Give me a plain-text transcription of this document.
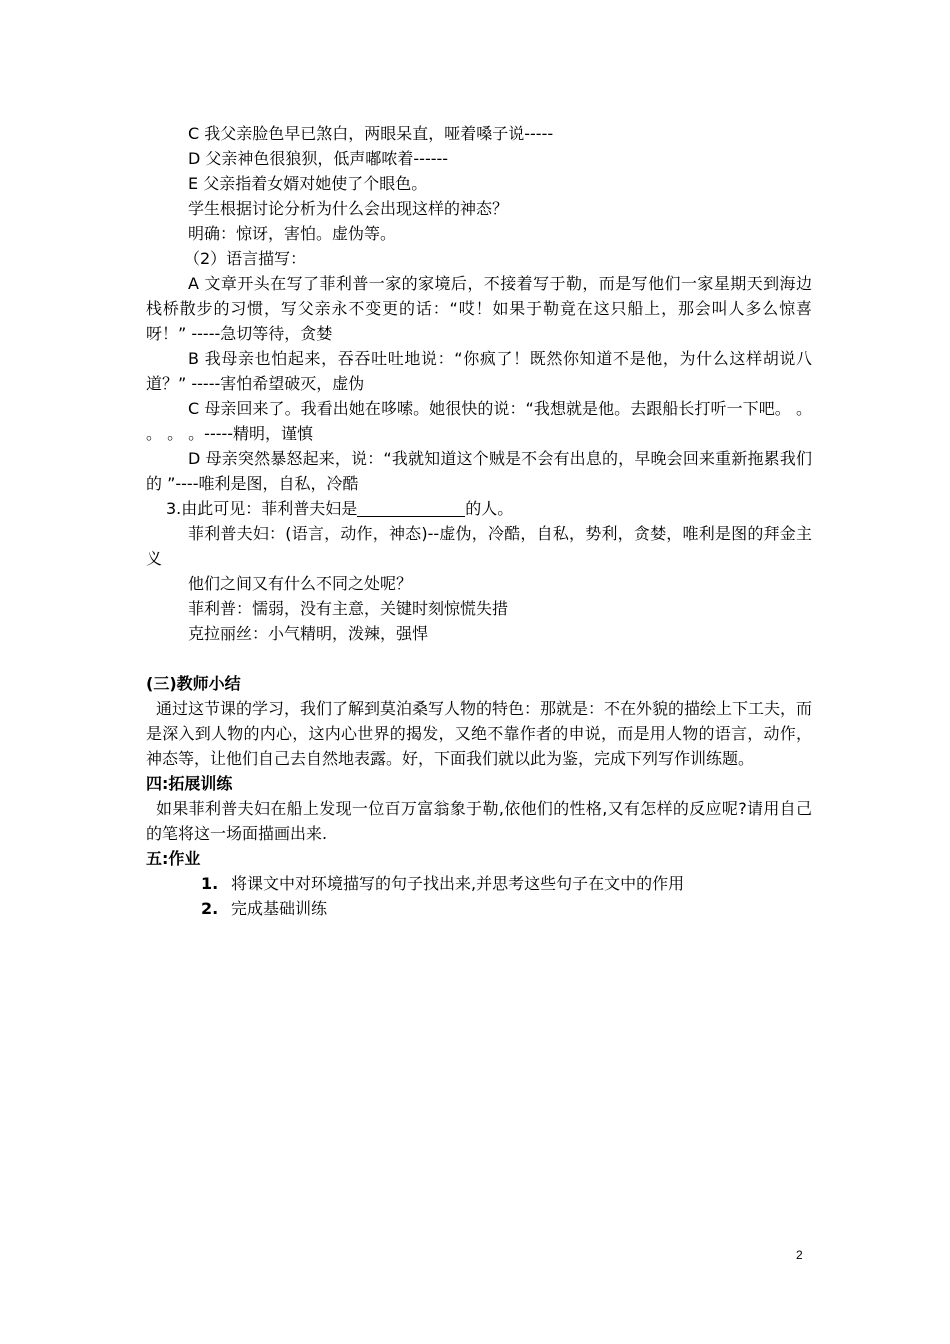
C 我父亲脸色早已煞白，两眼呆直，哑着嗓子说-----

D 父亲神色很狼狈，低声嘟哝着------

E 父亲指着女婿对她使了个眼色。

学生根据讨论分析为什么会出现这样的神态？

明确：惊讶，害怕。虚伪等。

（2）语言描写：

A 文章开头在写了菲利普一家的家境后，不接着写于勒，而是写他们一家星期天到海边栈桥散步的习惯，写父亲永不变更的话：“哎！如果于勒竟在这只船上，那会叫人多么惊喜呀！” -----急切等待，贪婪

B 我母亲也怕起来，吞吞吐吐地说：“你疯了！既然你知道不是他，为什么这样胡说八道？” -----害怕希望破灭，虚伪

C 母亲回来了。我看出她在哆嗦。她很快的说：“我想就是他。去跟船长打听一下吧。 。 。 。 。-----精明，谨慎

D 母亲突然暴怒起来，说：“我就知道这个贼是不会有出息的，早晚会回来重新拖累我们的 ”----唯利是图，自私，冷酷

3.由此可见：菲利普夫妇是	的人。

菲利普夫妇：(语言，动作，神态)--虚伪，冷酷，自私，势利，贪婪，唯利是图的拜金主义

他们之间又有什么不同之处呢？

菲利普：懦弱，没有主意，关键时刻惊慌失措

克拉丽丝：小气精明，泼辣，强悍

(三)教师小结

通过这节课的学习，我们了解到莫泊桑写人物的特色：那就是：不在外貌的描绘上下工夫，而是深入到人物的内心，这内心世界的揭发，又绝不靠作者的申说，而是用人物的语言，动作，神态等，让他们自己去自然地表露。好，下面我们就以此为鉴，完成下列写作训练题。

四:拓展训练

如果菲利普夫妇在船上发现一位百万富翁象于勒,依他们的性格,又有怎样的反应呢?请用自己的笔将这一场面描画出来.

五:作业

1. 将课文中对环境描写的句子找出来,并思考这些句子在文中的作用
2. 完成基础训练
2
